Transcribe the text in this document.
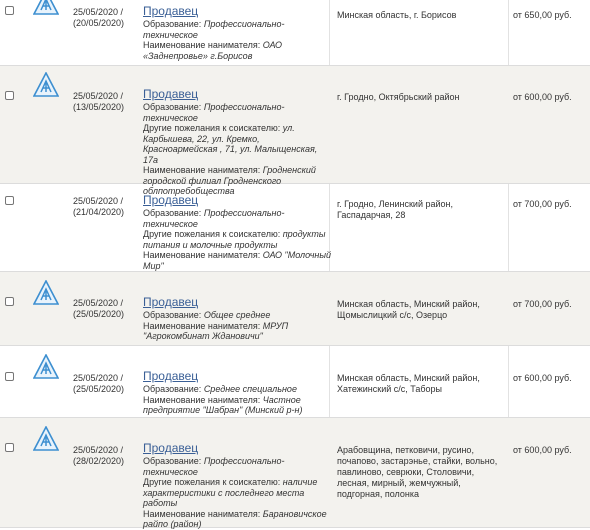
25/05/2020 /
(20/05/2020)
Продавец
Образование: Профессионально-техническое
Наименование нанимателя: ОАО «Заднепровье» г.Борисов
Минская область, г. Борисов	от 650,00 руб.
25/05/2020 /
(13/05/2020)
Продавец
Образование: Профессионально-техническое
Другие пожелания к соискателю: ул. Карбышева, 22, ул. Кремко, Красноармейская , 71, ул. Малыщенская, 17а
Наименование нанимателя: Гродненский городской филиал Гродненского облпотребобщества
г. Гродно, Октябрьский район	от 600,00 руб.
25/05/2020 /
(21/04/2020)
Продавец
Образование: Профессионально-техническое
Другие пожелания к соискателю: продукты питания и молочные продукты
Наименование нанимателя: ОАО "Молочный Мир"
г. Гродно, Ленинский район, Гаспадарчая, 28
от 700,00 руб.
25/05/2020 /
(25/05/2020)
Продавец
Образование: Общее среднее
Наименование нанимателя: МРУП "Агрокомбинат Ждановичи"
Минская область, Минский район, Щомыслицкий с/с, Озерцо
от 700,00 руб.
25/05/2020 /
(25/05/2020)
Продавец
Образование: Среднее специальное
Наименование нанимателя: Частное предприятие "Шабран" (Минский р-н)
Минская область, Минский район, Хатежинский с/с, Таборы
от 600,00 руб.
25/05/2020 /
(28/02/2020)
Продавец
Образование: Профессионально-техническое
Другие пожелания к соискателю: наличие характеристики с последнего места работы
Наименование нанимателя: Барановичское райпо (район)
Арабовщина, петковичи, русино, почапово, застарэнье, стайки, вольно, павлиново, севрюки, Столовичи, лесная, мирный, жемчужный, подгорная, полонка
от 600,00 руб.
